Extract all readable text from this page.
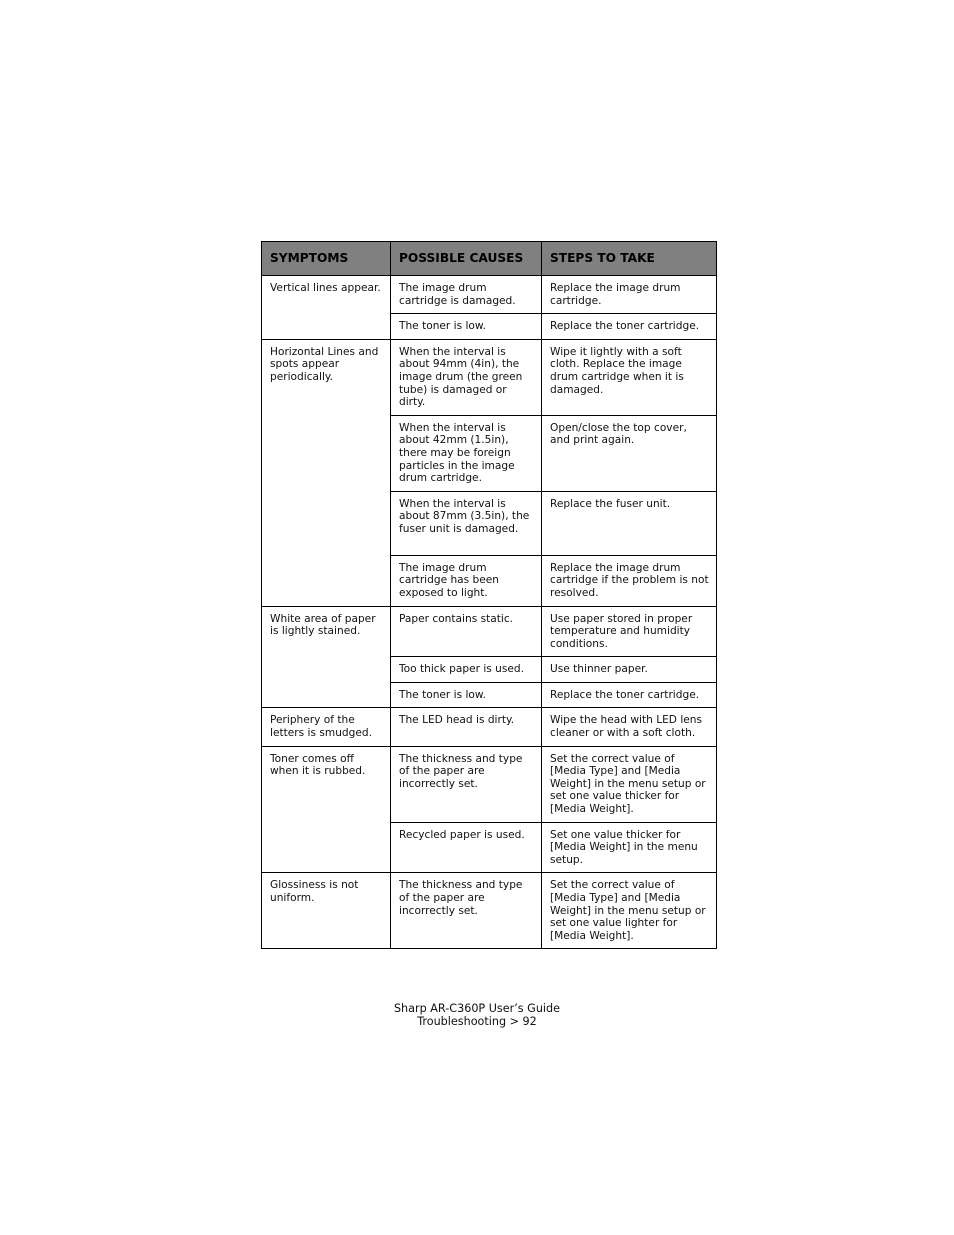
SYMPTOMS	POSSIBLE CAUSES	STEPS TO TAKE
Vertical lines appear.	The image drum cartridge is damaged.	Replace the image drum cartridge.
	The toner is low.	Replace the toner cartridge.
Horizontal Lines and spots appear periodically.	When the interval is about 94mm (4in), the image drum (the green tube) is damaged or dirty.	Wipe it lightly with a soft cloth. Replace the image drum cartridge when it is damaged.
	When the interval is about 42mm (1.5in), there may be foreign particles in the image drum cartridge.	Open/close the top cover, and print again.
	When the interval is about 87mm (3.5in), the fuser unit is damaged.	Replace the fuser unit.
	The image drum cartridge has been exposed to light.	Replace the image drum cartridge if the problem is not resolved.
White area of paper is lightly stained.	Paper contains static.	Use paper stored in proper temperature and humidity conditions.
	Too thick paper is used.	Use thinner paper.
	The toner is low.	Replace the toner cartridge.
Periphery of the letters is smudged.	The LED head is dirty.	Wipe the head with LED lens cleaner or with a soft cloth.
Toner comes off when it is rubbed.	The thickness and type of the paper are incorrectly set.	Set the correct value of [Media Type] and [Media Weight] in the menu setup or set one value thicker for [Media Weight].
	Recycled paper is used.	Set one value thicker for [Media Weight] in the menu setup.
Glossiness is not uniform.	The thickness and type of the paper are incorrectly set.	Set the correct value of [Media Type] and [Media Weight] in the menu setup or set one value lighter for [Media Weight].
Sharp AR-C360P User’s Guide
Troubleshooting > 92
